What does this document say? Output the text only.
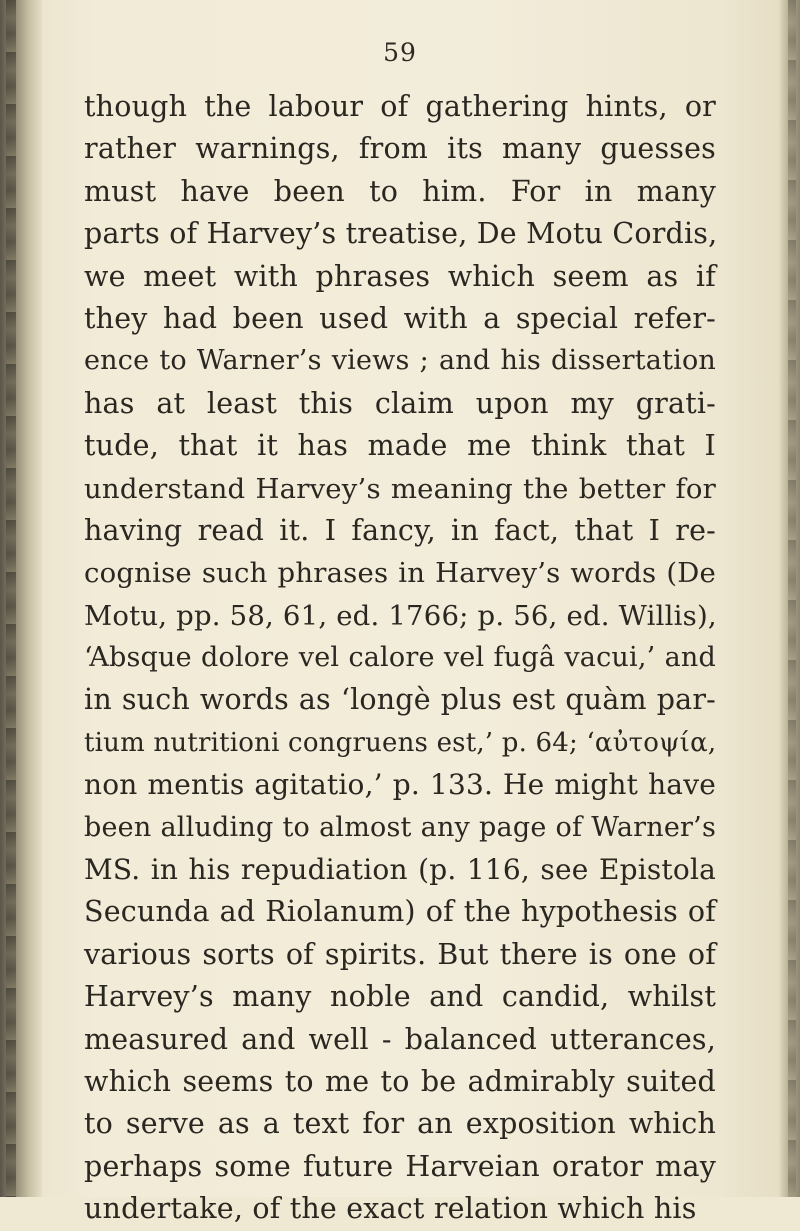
59
though the labour of gathering hints, or
rather warnings, from its many guesses
must have been to him. For in many
parts of Harvey’s treatise, De Motu Cordis,
we meet with phrases which seem as if
they had been used with a special refer-
ence to Warner’s views ; and his dissertation
has at least this claim upon my grati-
tude, that it has made me think that I
understand Harvey’s meaning the better for
having read it. I fancy, in fact, that I re-
cognise such phrases in Harvey’s words (De
Motu, pp. 58, 61, ed. 1766; p. 56, ed. Willis),
‘Absque dolore vel calore vel fugâ vacui,’ and
in such words as ‘longè plus est quàm par-
tium nutritioni congruens est,’ p. 64; ‘αὐτοψία,
non mentis agitatio,’ p. 133. He might have
been alluding to almost any page of Warner’s
MS. in his repudiation (p. 116, see Epistola
Secunda ad Riolanum) of the hypothesis of
various sorts of spirits. But there is one of
Harvey’s many noble and candid, whilst
measured and well - balanced utterances,
which seems to me to be admirably suited
to serve as a text for an exposition which
perhaps some future Harveian orator may
undertake, of the exact relation which his
